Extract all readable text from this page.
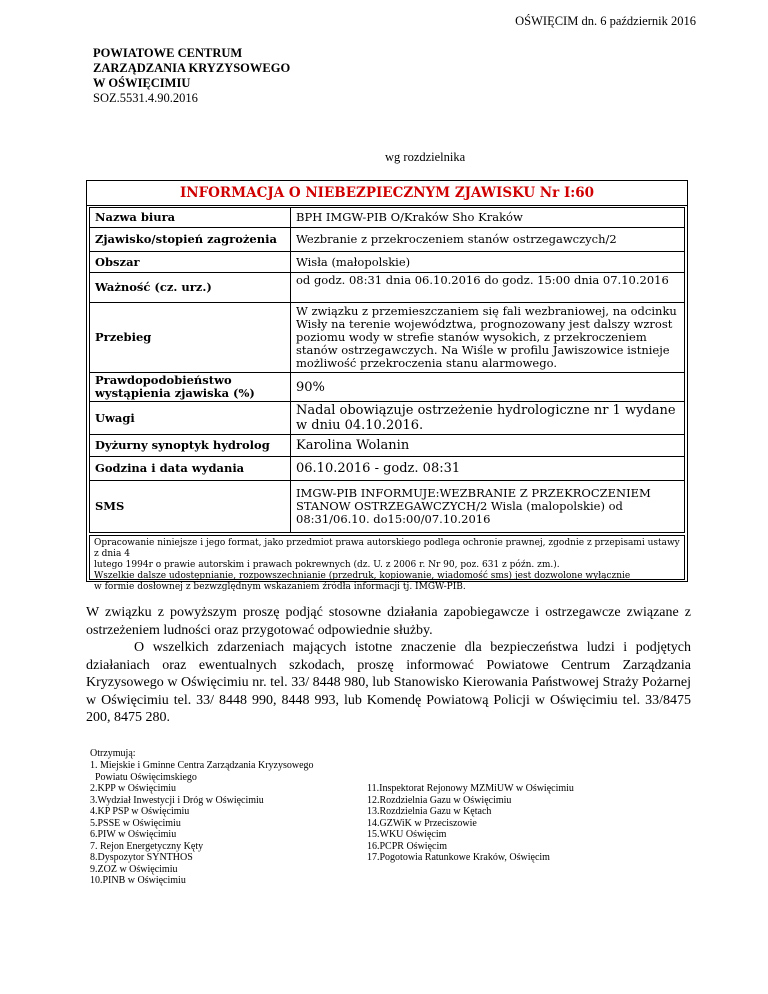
OŚWIĘCIM dn. 6 październik 2016
POWIATOWE CENTRUM
ZARZĄDZANIA KRYZYSOWEGO
W OŚWIĘCIMIU
SOZ.5531.4.90.2016
wg rozdzielnika
INFORMACJA O NIEBEZPIECZNYM ZJAWISKU Nr I:60
Nazwa biura	BPH IMGW-PIB O/Kraków Sho Kraków
Zjawisko/stopień zagrożenia	Wezbranie z przekroczeniem stanów ostrzegawczych/2
Obszar	Wisła (małopolskie)
Ważność (cz. urz.)	od godz. 08:31 dnia 06.10.2016 do godz. 15:00 dnia 07.10.2016
Przebieg	W związku z przemieszczaniem się fali wezbraniowej, na odcinku Wisły na terenie województwa, prognozowany jest dalszy wzrost poziomu wody w strefie stanów wysokich, z przekroczeniem stanów ostrzegawczych. Na Wiśle w profilu Jawiszowice istnieje możliwość przekroczenia stanu alarmowego.
Prawdopodobieństwo wystąpienia zjawiska (%)	90%
Uwagi	Nadal obowiązuje ostrzeżenie hydrologiczne nr 1 wydane w dniu 04.10.2016.
Dyżurny synoptyk hydrolog	Karolina Wolanin
Godzina i data wydania	06.10.2016 - godz. 08:31
SMS	IMGW-PIB INFORMUJE:WEZBRANIE Z PRZEKROCZENIEM STANOW OSTRZEGAWCZYCH/2 Wisla (malopolskie) od 08:31/06.10. do15:00/07.10.2016
Opracowanie niniejsze i jego format, jako przedmiot prawa autorskiego podlega ochronie prawnej, zgodnie z przepisami ustawy z dnia 4
lutego 1994r o prawie autorskim i prawach pokrewnych (dz. U. z 2006 r. Nr 90, poz. 631 z późn. zm.).
Wszelkie dalsze udostępnianie, rozpowszechnianie (przedruk, kopiowanie, wiadomość sms) jest dozwolone wyłącznie
w formie dosłownej z bezwzględnym wskazaniem źródła informacji tj. IMGW-PIB.

W związku z powyższym proszę podjąć stosowne działania zapobiegawcze i ostrzegawcze związane z ostrzeżeniem ludności oraz przygotować odpowiednie służby.

O wszelkich zdarzeniach mających istotne znaczenie dla bezpieczeństwa ludzi i podjętych działaniach oraz ewentualnych szkodach, proszę informować Powiatowe Centrum Zarządzania Kryzysowego w Oświęcimiu nr. tel. 33/ 8448 980, lub Stanowisko Kierowania Państwowej Straży Pożarnej w Oświęcimiu tel. 33/ 8448 990, 8448 993, lub Komendę Powiatową Policji w Oświęcimiu tel. 33/8475 200, 8475 280.

Otrzymują:
1. Miejskie i Gminne Centra Zarządzania Kryzysowego
Powiatu Oświęcimskiego
2.KPP w Oświęcimiu
3.Wydział Inwestycji i Dróg w Oświęcimiu
4.KP PSP w Oświęcimiu
5.PSSE w Oświęcimiu
6.PIW w Oświęcimiu
7. Rejon Energetyczny Kęty
8.Dyspozytor SYNTHOS
9.ZOZ w Oświęcimiu
10.PINB w Oświęcimiu
11.Inspektorat Rejonowy MZMiUW w Oświęcimiu
12.Rozdzielnia Gazu w Oświęcimiu
13.Rozdzielnia Gazu w Kętach
14.GZWiK w Przeciszowie
15.WKU Oświęcim
16.PCPR Oświęcim
17.Pogotowia Ratunkowe Kraków, Oświęcim
